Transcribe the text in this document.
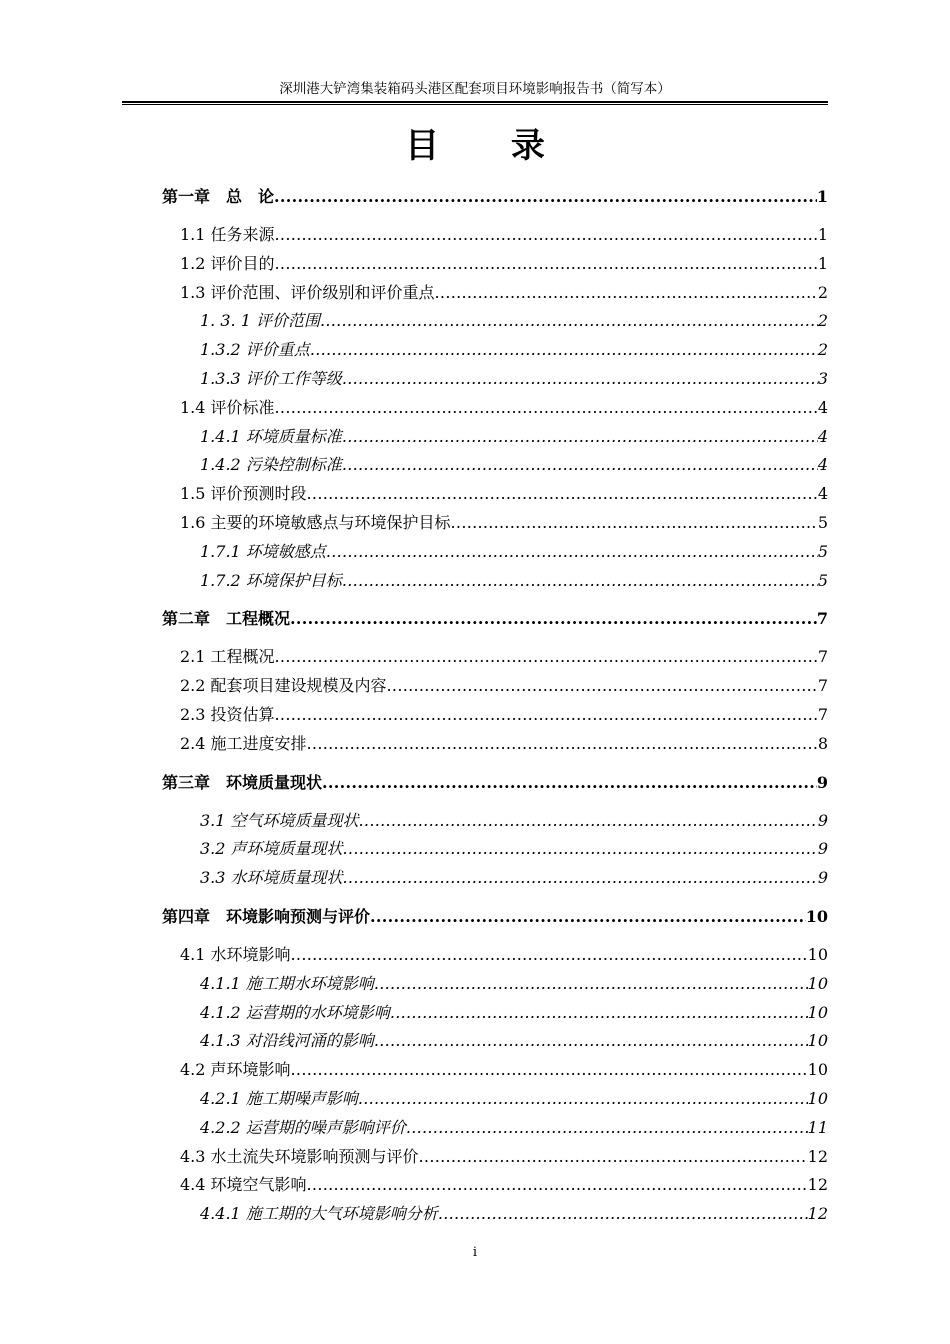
深圳港大铲湾集装箱码头港区配套项目环境影响报告书（简写本）
目 录
第一章　总　论 .....	1
1.1 任务来源 .....	1
1.2 评价目的 .....	1
1.3 评价范围、评价级别和评价重点 .....	2
1. 3. 1 评价范围 .....	2
1.3.2 评价重点 .....	2
1.3.3 评价工作等级 .....	3
1.4 评价标准 .....	4
1.4.1 环境质量标准 .....	4
1.4.2 污染控制标准 .....	4
1.5 评价预测时段 .....	4
1.6 主要的环境敏感点与环境保护目标 .....	5
1.7.1 环境敏感点 .....	5
1.7.2 环境保护目标 .....	5
第二章　工程概况 .....	7
2.1 工程概况 .....	7
2.2 配套项目建设规模及内容 .....	7
2.3 投资估算 .....	7
2.4 施工进度安排 .....	8
第三章　环境质量现状 .....	9
3.1 空气环境质量现状 .....	9
3.2 声环境质量现状 .....	9
3.3 水环境质量现状 .....	9
第四章　环境影响预测与评价 .....	10
4.1 水环境影响 .....	10
4.1.1 施工期水环境影响 .....	10
4.1.2 运营期的水环境影响 .....	10
4.1.3 对沿线河涌的影响 .....	10
4.2 声环境影响 .....	10
4.2.1 施工期噪声影响 .....	10
4.2.2 运营期的噪声影响评价 .....	11
4.3 水土流失环境影响预测与评价 .....	12
4.4 环境空气影响 .....	12
4.4.1 施工期的大气环境影响分析 .....	12
i
